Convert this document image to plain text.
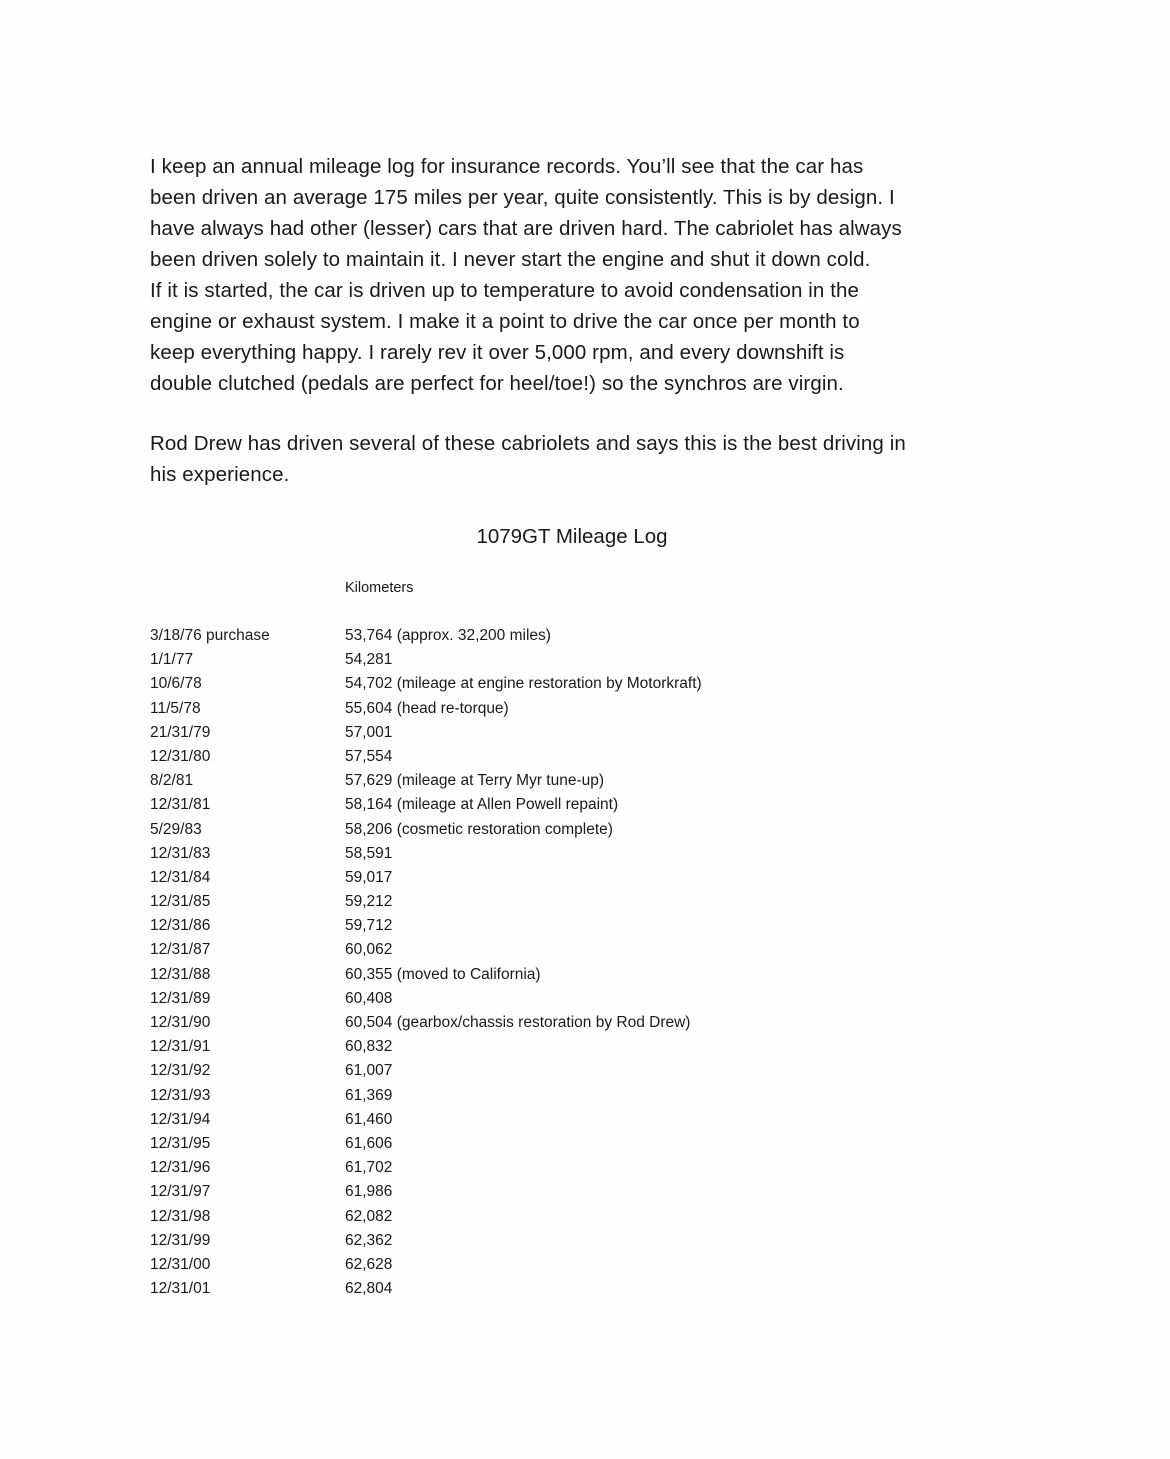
I keep an annual mileage log for insurance records. You’ll see that the car has
been driven an average 175 miles per year, quite consistently. This is by design. I
have always had other (lesser) cars that are driven hard. The cabriolet has always
been driven solely to maintain it. I never start the engine and shut it down cold.
If it is started, the car is driven up to temperature to avoid condensation in the
engine or exhaust system. I make it a point to drive the car once per month to
keep everything happy. I rarely rev it over 5,000 rpm, and every downshift is
double clutched (pedals are perfect for heel/toe!) so the synchros are virgin.
Rod Drew has driven several of these cabriolets and says this is the best driving in
his experience.
1079GT Mileage Log
Kilometers
3/18/76 purchase	53,764 (approx. 32,200 miles)
1/1/77	54,281
10/6/78	54,702 (mileage at engine restoration by Motorkraft)
11/5/78	55,604 (head re-torque)
21/31/79	57,001
12/31/80	57,554
8/2/81	57,629 (mileage at Terry Myr tune-up)
12/31/81	58,164 (mileage at Allen Powell repaint)
5/29/83	58,206 (cosmetic restoration complete)
12/31/83	58,591
12/31/84	59,017
12/31/85	59,212
12/31/86	59,712
12/31/87	60,062
12/31/88	60,355 (moved to California)
12/31/89	60,408
12/31/90	60,504 (gearbox/chassis restoration by Rod Drew)
12/31/91	60,832
12/31/92	61,007
12/31/93	61,369
12/31/94	61,460
12/31/95	61,606
12/31/96	61,702
12/31/97	61,986
12/31/98	62,082
12/31/99	62,362
12/31/00	62,628
12/31/01	62,804
